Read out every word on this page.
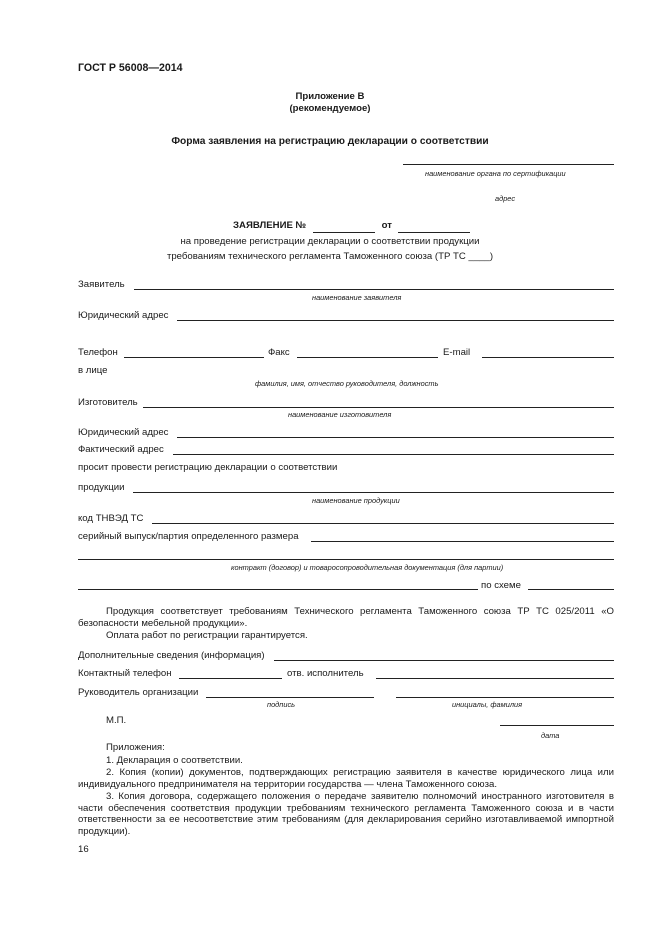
ГОСТ Р 56008—2014
Приложение В
(рекомендуемое)
Форма заявления на регистрацию декларации о соответствии
наименование органа по сертификации
адрес
ЗАЯВЛЕНИЕ №	от
на проведение регистрации декларации о соответствии продукции
требованиям технического регламента Таможенного союза (ТР ТС ____)
Заявитель
наименование заявителя
Юридический адрес
Телефон	Факс	E-mail
в лице
фамилия, имя, отчество руководителя, должность
Изготовитель
наименование изготовителя
Юридический адрес
Фактический адрес
просит провести регистрацию декларации о соответствии
продукции
наименование продукции
код ТНВЭД ТС
серийный выпуск/партия определенного размера
контракт (договор) и товаросопроводительная документация (для партии)
по схеме
Продукция соответствует требованиям Технического регламента Таможенного союза ТР ТС 025/2011 «О безопасности мебельной продукции».
Оплата работ по регистрации гарантируется.
Дополнительные сведения (информация)
Контактный телефон	отв. исполнитель
Руководитель организации
подпись	инициалы, фамилия
М.П.
дата
Приложения:
1. Декларация о соответствии.
2. Копия (копии) документов, подтверждающих регистрацию заявителя в качестве юридического лица или индивидуального предпринимателя на территории государства — члена Таможенного союза.
3. Копия договора, содержащего положения о передаче заявителю полномочий иностранного изготовителя в части обеспечения соответствия продукции требованиям технического регламента Таможенного союза и в части ответственности за ее несоответствие этим требованиям (для декларирования серийно изготавливаемой импортной продукции).
16
